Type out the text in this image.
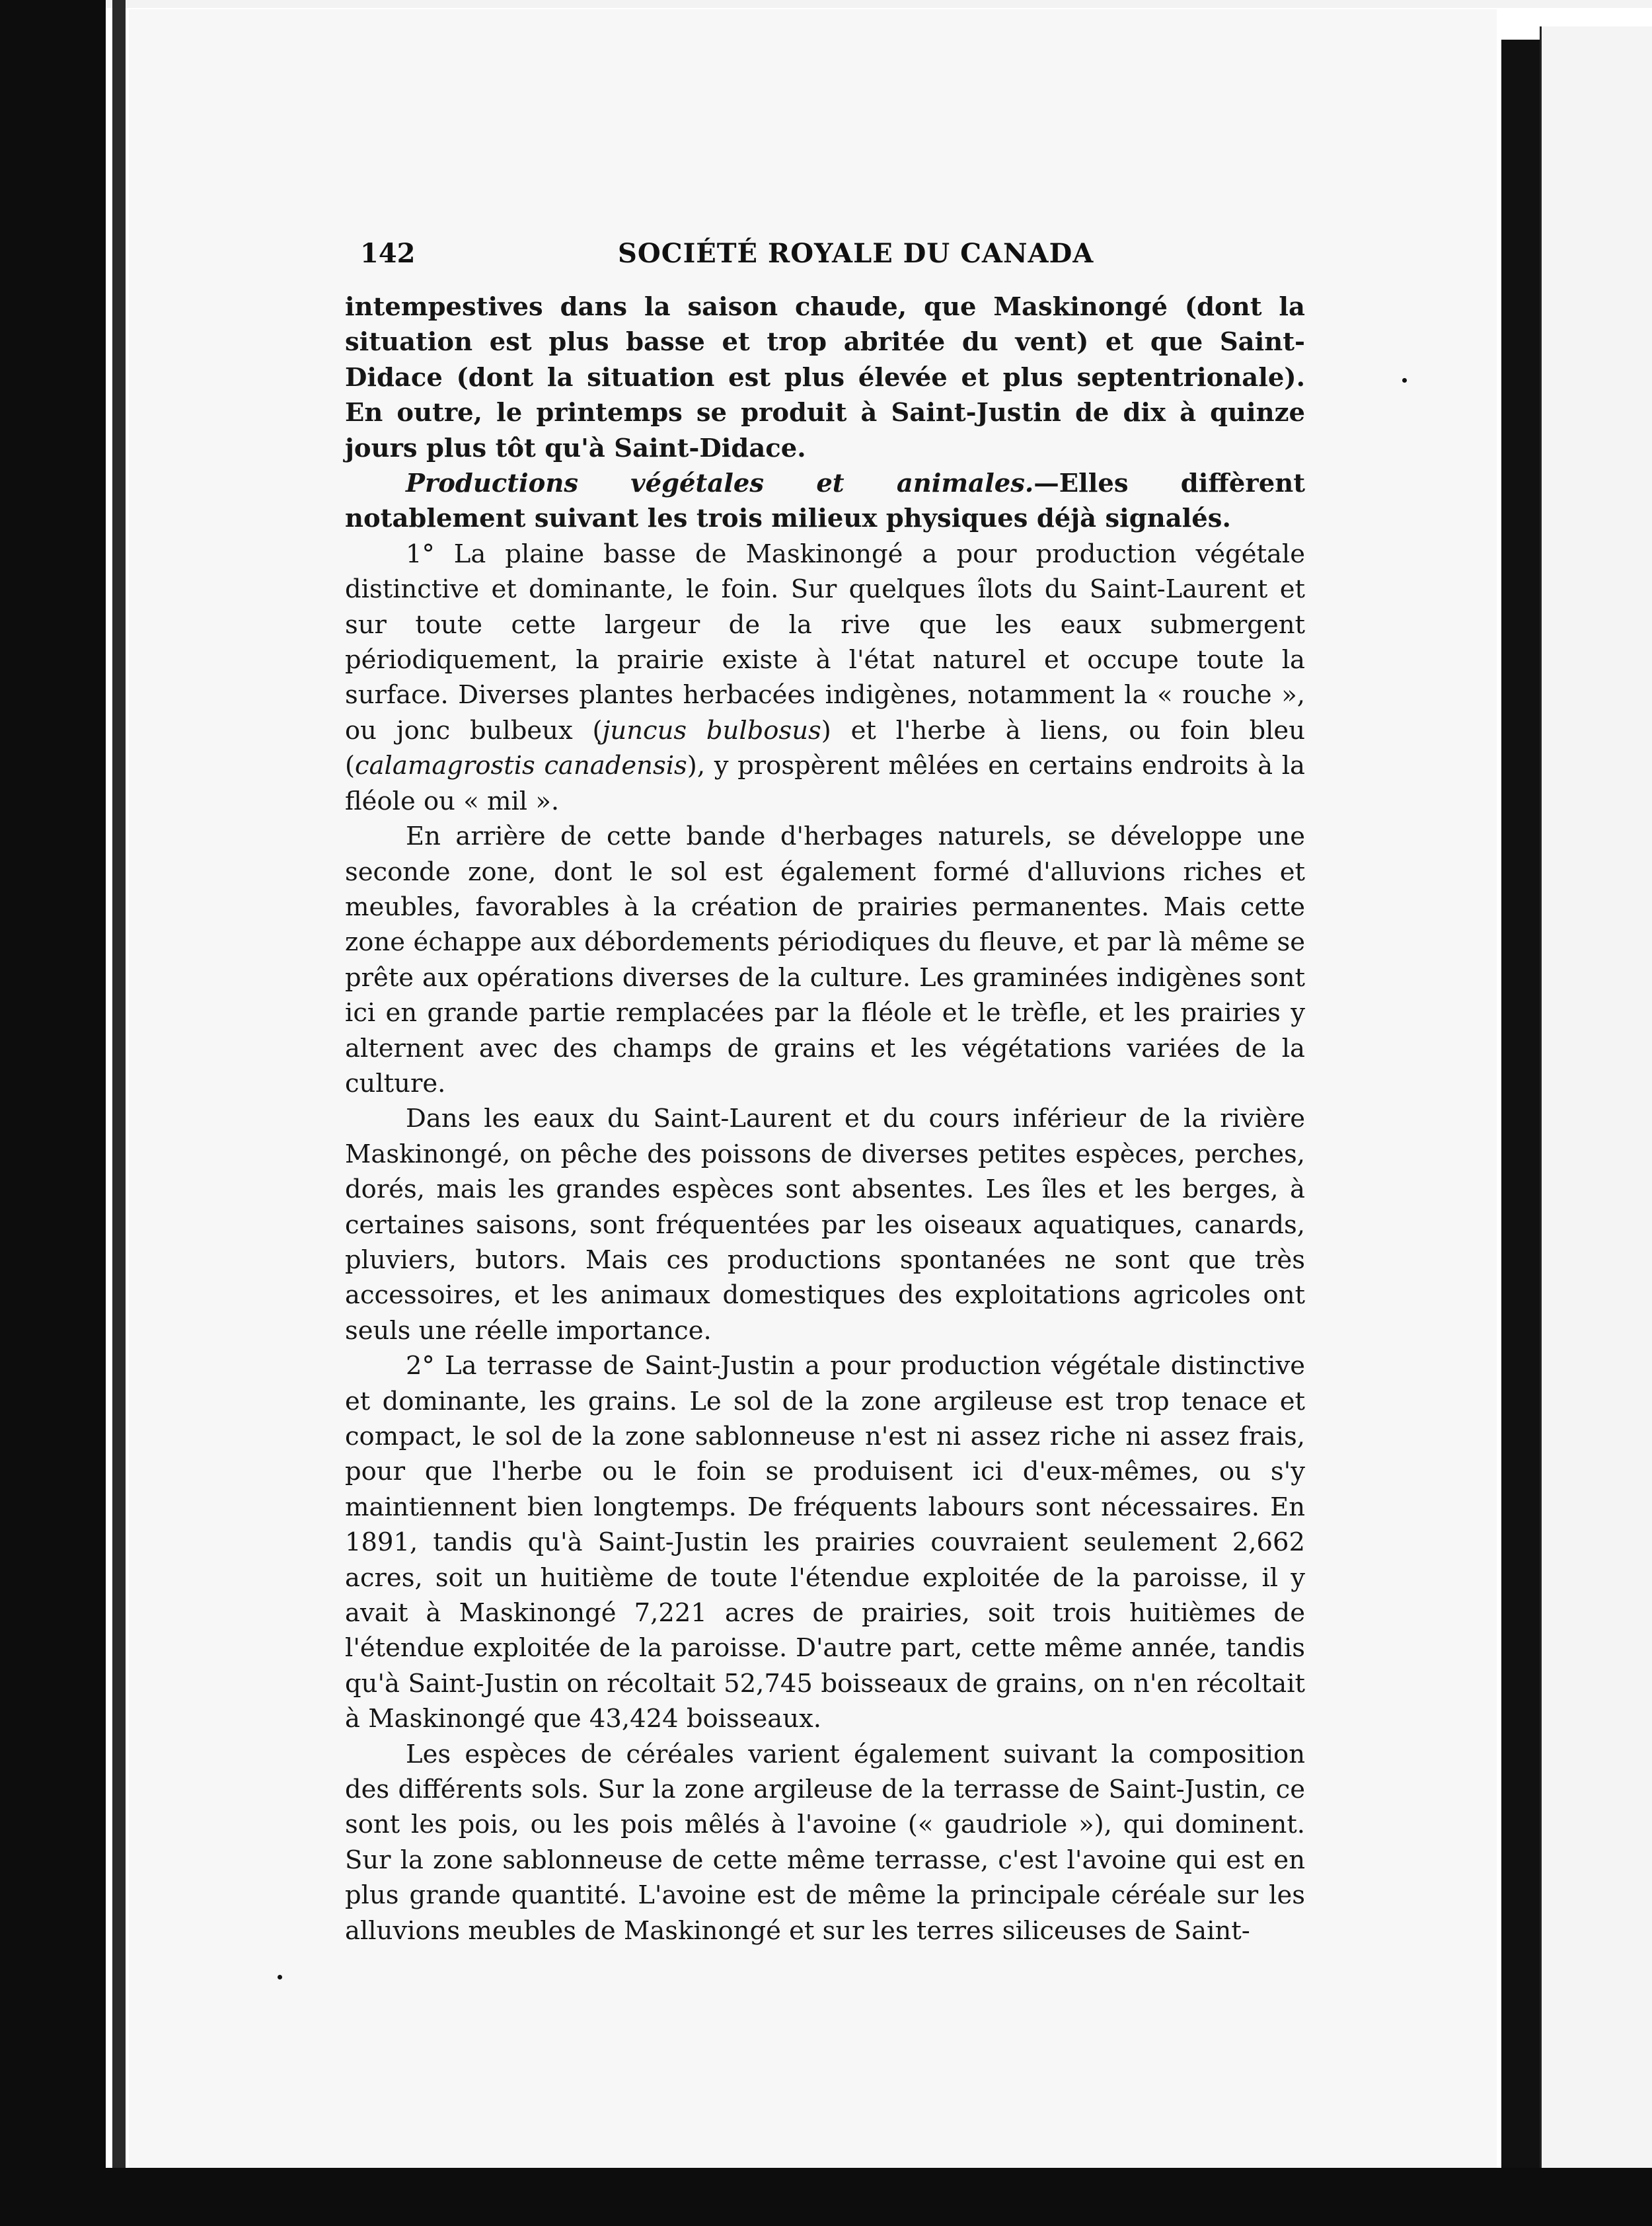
142	SOCIÉTÉ ROYALE DU CANADA

intempestives dans la saison chaude, que Maskinongé (dont la situation est plus basse et trop abritée du vent) et que Saint-Didace (dont la situation est plus élevée et plus septentrionale). En outre, le printemps se produit à Saint-Justin de dix à quinze jours plus tôt qu'à Saint-Didace.

Productions végétales et animales.—Elles diffèrent notablement suivant les trois milieux physiques déjà signalés.

1° La plaine basse de Maskinongé a pour production végétale distinctive et dominante, le foin. Sur quelques îlots du Saint-Laurent et sur toute cette largeur de la rive que les eaux submergent périodiquement, la prairie existe à l'état naturel et occupe toute la surface. Diverses plantes herbacées indigènes, notamment la « rouche », ou jonc bulbeux (juncus bulbosus) et l'herbe à liens, ou foin bleu (calamagrostis canadensis), y prospèrent mêlées en certains endroits à la fléole ou « mil ».

En arrière de cette bande d'herbages naturels, se développe une seconde zone, dont le sol est également formé d'alluvions riches et meubles, favorables à la création de prairies permanentes. Mais cette zone échappe aux débordements périodiques du fleuve, et par là même se prête aux opérations diverses de la culture. Les graminées indigènes sont ici en grande partie remplacées par la fléole et le trèfle, et les prairies y alternent avec des champs de grains et les végétations variées de la culture.

Dans les eaux du Saint-Laurent et du cours inférieur de la rivière Maskinongé, on pêche des poissons de diverses petites espèces, perches, dorés, mais les grandes espèces sont absentes. Les îles et les berges, à certaines saisons, sont fréquentées par les oiseaux aquatiques, canards, pluviers, butors. Mais ces productions spontanées ne sont que très accessoires, et les animaux domestiques des exploitations agricoles ont seuls une réelle importance.

2° La terrasse de Saint-Justin a pour production végétale distinctive et dominante, les grains. Le sol de la zone argileuse est trop tenace et compact, le sol de la zone sablonneuse n'est ni assez riche ni assez frais, pour que l'herbe ou le foin se produisent ici d'eux-mêmes, ou s'y maintiennent bien longtemps. De fréquents labours sont nécessaires. En 1891, tandis qu'à Saint-Justin les prairies couvraient seulement 2,662 acres, soit un huitième de toute l'étendue exploitée de la paroisse, il y avait à Maskinongé 7,221 acres de prairies, soit trois huitièmes de l'étendue exploitée de la paroisse. D'autre part, cette même année, tandis qu'à Saint-Justin on récoltait 52,745 boisseaux de grains, on n'en récoltait à Maskinongé que 43,424 boisseaux.

Les espèces de céréales varient également suivant la composition des différents sols. Sur la zone argileuse de la terrasse de Saint-Justin, ce sont les pois, ou les pois mêlés à l'avoine (« gaudriole »), qui dominent. Sur la zone sablonneuse de cette même terrasse, c'est l'avoine qui est en plus grande quantité. L'avoine est de même la principale céréale sur les alluvions meubles de Maskinongé et sur les terres siliceuses de Saint-
